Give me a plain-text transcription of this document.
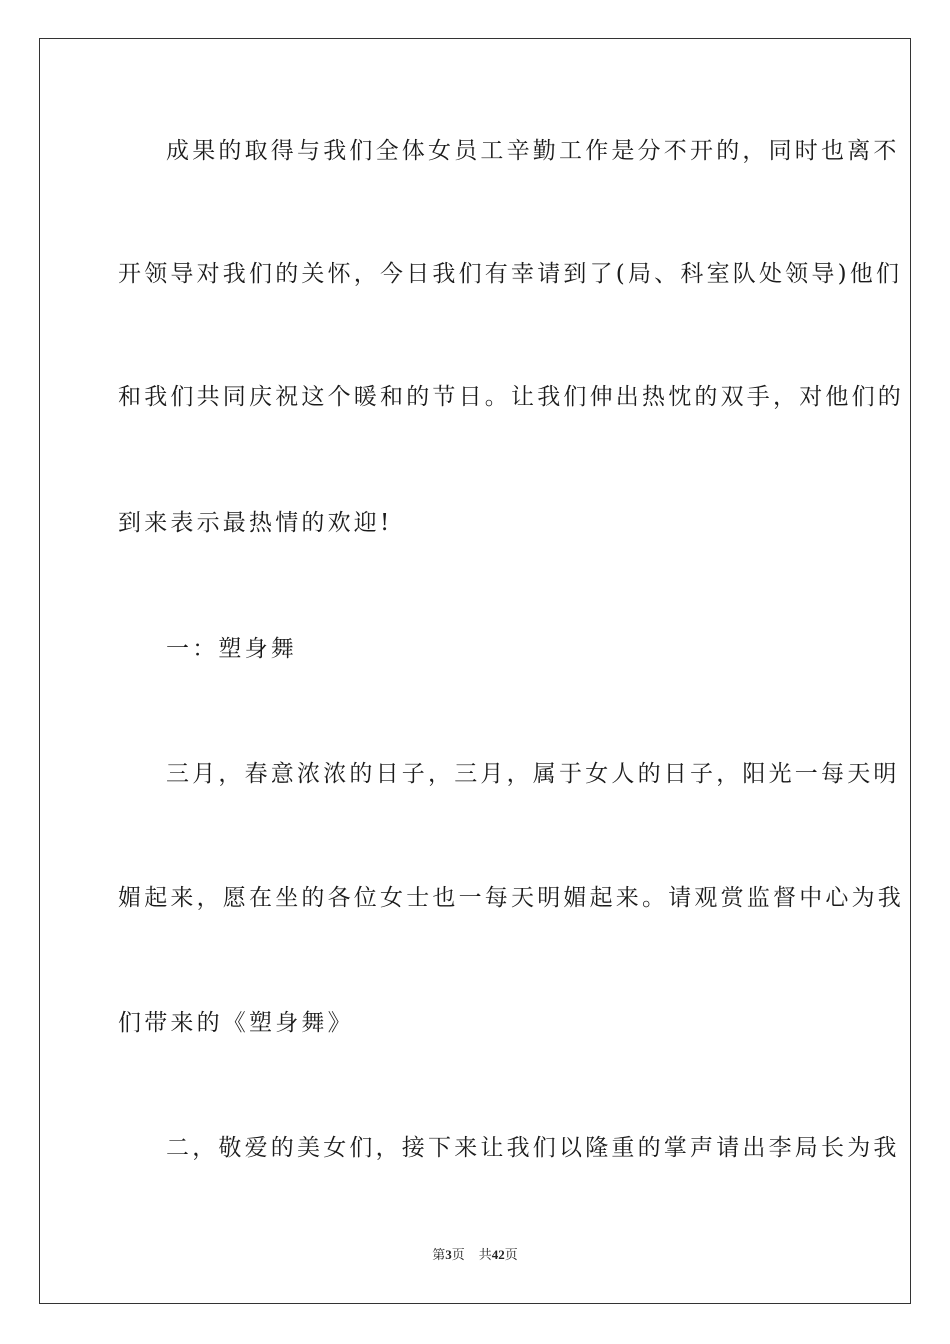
成果的取得与我们全体女员工辛勤工作是分不开的，同时也离不
开领导对我们的关怀，今日我们有幸请到了(局、科室队处领导)他们
和我们共同庆祝这个暖和的节日。让我们伸出热忱的双手，对他们的
到来表示最热情的欢迎!
一：塑身舞
三月，春意浓浓的日子，三月，属于女人的日子，阳光一每天明
媚起来，愿在坐的各位女士也一每天明媚起来。请观赏监督中心为我
们带来的《塑身舞》
二，敬爱的美女们，接下来让我们以隆重的掌声请出李局长为我
第3页 共42页
